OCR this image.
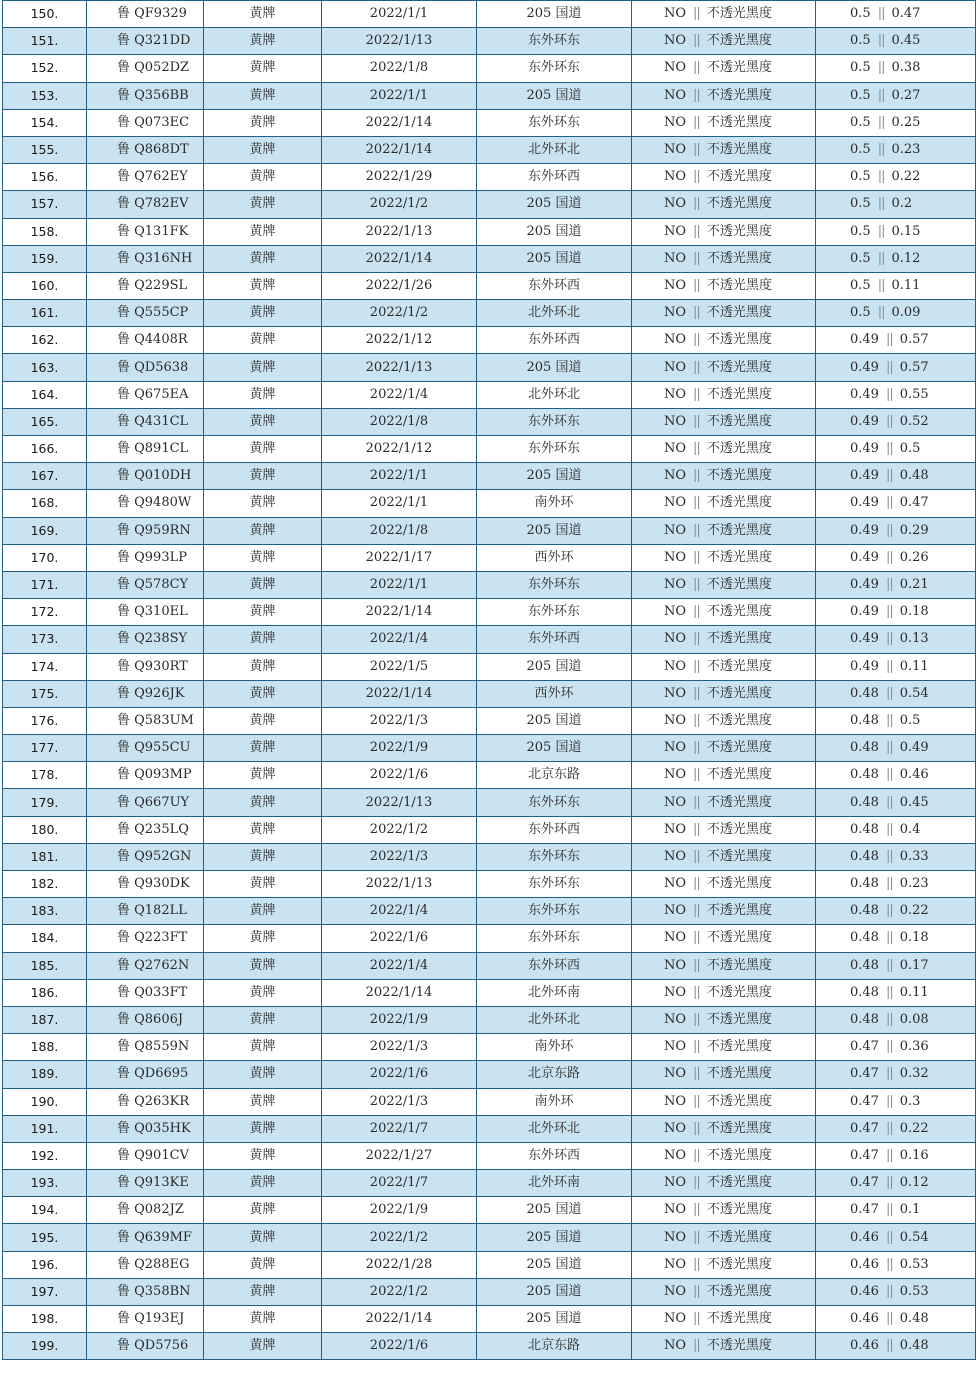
150.	鲁 QF9329	黄牌	2022/1/1	205 国道	NO || 不透光黑度	0.5 || 0.47
151.	鲁 Q321DD	黄牌	2022/1/13	东外环东	NO || 不透光黑度	0.5 || 0.45
152.	鲁 Q052DZ	黄牌	2022/1/8	东外环东	NO || 不透光黑度	0.5 || 0.38
153.	鲁 Q356BB	黄牌	2022/1/1	205 国道	NO || 不透光黑度	0.5 || 0.27
154.	鲁 Q073EC	黄牌	2022/1/14	东外环东	NO || 不透光黑度	0.5 || 0.25
155.	鲁 Q868DT	黄牌	2022/1/14	北外环北	NO || 不透光黑度	0.5 || 0.23
156.	鲁 Q762EY	黄牌	2022/1/29	东外环西	NO || 不透光黑度	0.5 || 0.22
157.	鲁 Q782EV	黄牌	2022/1/2	205 国道	NO || 不透光黑度	0.5 || 0.2
158.	鲁 Q131FK	黄牌	2022/1/13	205 国道	NO || 不透光黑度	0.5 || 0.15
159.	鲁 Q316NH	黄牌	2022/1/14	205 国道	NO || 不透光黑度	0.5 || 0.12
160.	鲁 Q229SL	黄牌	2022/1/26	东外环西	NO || 不透光黑度	0.5 || 0.11
161.	鲁 Q555CP	黄牌	2022/1/2	北外环北	NO || 不透光黑度	0.5 || 0.09
162.	鲁 Q4408R	黄牌	2022/1/12	东外环西	NO || 不透光黑度	0.49 || 0.57
163.	鲁 QD5638	黄牌	2022/1/13	205 国道	NO || 不透光黑度	0.49 || 0.57
164.	鲁 Q675EA	黄牌	2022/1/4	北外环北	NO || 不透光黑度	0.49 || 0.55
165.	鲁 Q431CL	黄牌	2022/1/8	东外环东	NO || 不透光黑度	0.49 || 0.52
166.	鲁 Q891CL	黄牌	2022/1/12	东外环东	NO || 不透光黑度	0.49 || 0.5
167.	鲁 Q010DH	黄牌	2022/1/1	205 国道	NO || 不透光黑度	0.49 || 0.48
168.	鲁 Q9480W	黄牌	2022/1/1	南外环	NO || 不透光黑度	0.49 || 0.47
169.	鲁 Q959RN	黄牌	2022/1/8	205 国道	NO || 不透光黑度	0.49 || 0.29
170.	鲁 Q993LP	黄牌	2022/1/17	西外环	NO || 不透光黑度	0.49 || 0.26
171.	鲁 Q578CY	黄牌	2022/1/1	东外环东	NO || 不透光黑度	0.49 || 0.21
172.	鲁 Q310EL	黄牌	2022/1/14	东外环东	NO || 不透光黑度	0.49 || 0.18
173.	鲁 Q238SY	黄牌	2022/1/4	东外环西	NO || 不透光黑度	0.49 || 0.13
174.	鲁 Q930RT	黄牌	2022/1/5	205 国道	NO || 不透光黑度	0.49 || 0.11
175.	鲁 Q926JK	黄牌	2022/1/14	西外环	NO || 不透光黑度	0.48 || 0.54
176.	鲁 Q583UM	黄牌	2022/1/3	205 国道	NO || 不透光黑度	0.48 || 0.5
177.	鲁 Q955CU	黄牌	2022/1/9	205 国道	NO || 不透光黑度	0.48 || 0.49
178.	鲁 Q093MP	黄牌	2022/1/6	北京东路	NO || 不透光黑度	0.48 || 0.46
179.	鲁 Q667UY	黄牌	2022/1/13	东外环东	NO || 不透光黑度	0.48 || 0.45
180.	鲁 Q235LQ	黄牌	2022/1/2	东外环西	NO || 不透光黑度	0.48 || 0.4
181.	鲁 Q952GN	黄牌	2022/1/3	东外环东	NO || 不透光黑度	0.48 || 0.33
182.	鲁 Q930DK	黄牌	2022/1/13	东外环东	NO || 不透光黑度	0.48 || 0.23
183.	鲁 Q182LL	黄牌	2022/1/4	东外环东	NO || 不透光黑度	0.48 || 0.22
184.	鲁 Q223FT	黄牌	2022/1/6	东外环东	NO || 不透光黑度	0.48 || 0.18
185.	鲁 Q2762N	黄牌	2022/1/4	东外环西	NO || 不透光黑度	0.48 || 0.17
186.	鲁 Q033FT	黄牌	2022/1/14	北外环南	NO || 不透光黑度	0.48 || 0.11
187.	鲁 Q8606J	黄牌	2022/1/9	北外环北	NO || 不透光黑度	0.48 || 0.08
188.	鲁 Q8559N	黄牌	2022/1/3	南外环	NO || 不透光黑度	0.47 || 0.36
189.	鲁 QD6695	黄牌	2022/1/6	北京东路	NO || 不透光黑度	0.47 || 0.32
190.	鲁 Q263KR	黄牌	2022/1/3	南外环	NO || 不透光黑度	0.47 || 0.3
191.	鲁 Q035HK	黄牌	2022/1/7	北外环北	NO || 不透光黑度	0.47 || 0.22
192.	鲁 Q901CV	黄牌	2022/1/27	东外环西	NO || 不透光黑度	0.47 || 0.16
193.	鲁 Q913KE	黄牌	2022/1/7	北外环南	NO || 不透光黑度	0.47 || 0.12
194.	鲁 Q082JZ	黄牌	2022/1/9	205 国道	NO || 不透光黑度	0.47 || 0.1
195.	鲁 Q639MF	黄牌	2022/1/2	205 国道	NO || 不透光黑度	0.46 || 0.54
196.	鲁 Q288EG	黄牌	2022/1/28	205 国道	NO || 不透光黑度	0.46 || 0.53
197.	鲁 Q358BN	黄牌	2022/1/2	205 国道	NO || 不透光黑度	0.46 || 0.53
198.	鲁 Q193EJ	黄牌	2022/1/14	205 国道	NO || 不透光黑度	0.46 || 0.48
199.	鲁 QD5756	黄牌	2022/1/6	北京东路	NO || 不透光黑度	0.46 || 0.48
